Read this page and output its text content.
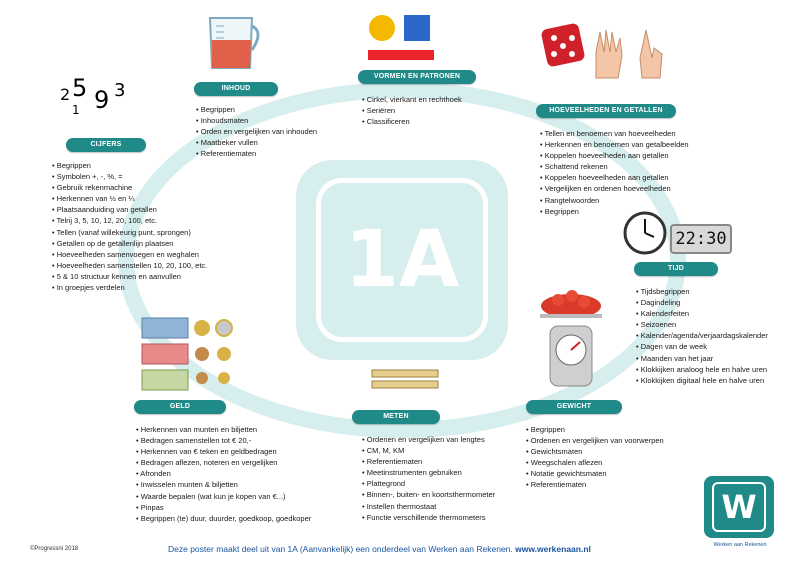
1A
2 5 9 3
1
CIJFERS
• Begrippen
• Symbolen +, -, %, =
• Gebruik rekenmachine
• Herkennen van ½ en ¼
• Plaatsaanduiding van getallen
• Telrij 3, 5, 10, 12, 20, 100, etc.
• Tellen (vanaf willekeurig punt, sprongen)
• Getallen op de getallenlijn plaatsen
• Hoeveelheden samenvoegen en weghalen
• Hoeveelheden samenstellen 10, 20, 100, etc.
• 5 & 10 structuur kennen en aanvullen
• In groepjes verdelen
INHOUD
• Begrippen
• Inhoudsmaten
• Orden en vergelijken van inhouden
• Maatbeker vullen
• Referentiematen
VORMEN EN PATRONEN
• Cirkel, vierkant en rechthoek
• Seriëren
• Classificeren
HOEVEELHEDEN EN GETALLEN
• Tellen en benoemen van hoeveelheden
• Herkennen en benoemen van getalbeelden
• Koppelen hoeveelheden aan getallen
• Schattend rekenen
• Koppelen hoeveelheden aan getallen
• Vergelijken en ordenen hoeveelheden
• Rangtelwoorden
• Begrippen
22:30
TIJD
• Tijdsbegrippen
• Dagindeling
• Kalenderfeiten
• Seizoenen
• Kalender/agenda/verjaardagskalender
• Dagen van de week
• Maanden van het jaar
• Klokkijken analoog hele en halve uren
• Klokkijken digitaal hele en halve uren
GEWICHT
• Begrippen
• Ordenen en vergelijken van voorwerpen
• Gewichtsmaten
• Weegschalen aflezen
• Notatie gewichtsmaten
• Referentiematen
METEN
• Ordenen en vergelijken van lengtes
• CM, M, KM
• Referentiematen
• Meetinstrumenten gebruiken
• Plattegrond
• Binnen-, buiten- en koortsthermometer
• Instellen thermostaat
• Functie verschillende thermometers
GELD
• Herkennen van munten en biljetten
• Bedragen samenstellen tot € 20,-
• Herkennen van € teken en geldbedragen
• Bedragen aflezen, noteren en vergelijken
• Afronden
• Inwisselen munten & biljetten
• Waarde bepalen (wat kun je kopen van €...)
• Pinpas
• Begrippen (te) duur, duurder, goedkoop, goedkoper
©Progressni 2018	Deze poster maakt deel uit van 1A (Aanvankelijk) een onderdeel van Werken aan Rekenen. www.werkenaan.nl
W
Werken aan Rekenen
